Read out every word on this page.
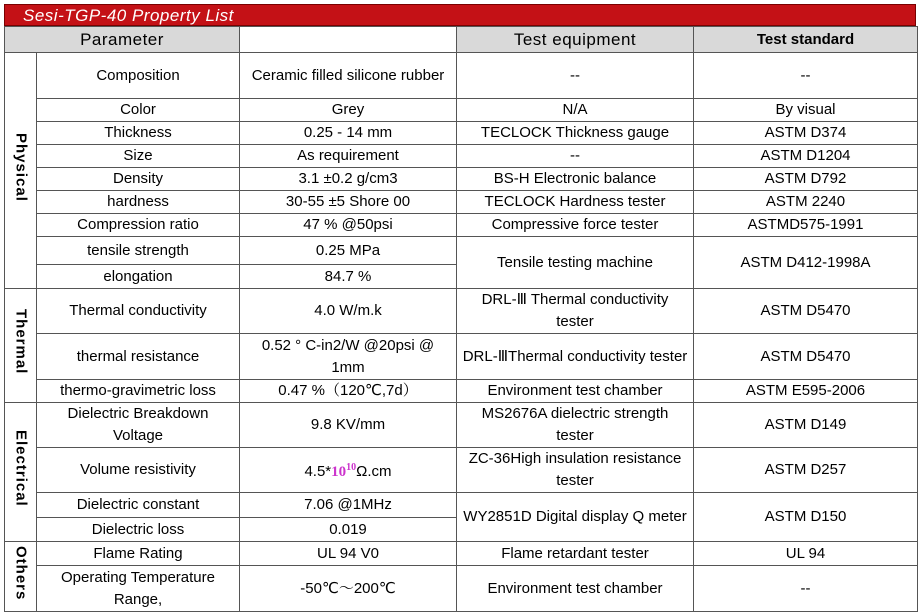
Sesi-TGP-40 Property List
Parameter			Test equipment	Test standard
Physical	Composition	Ceramic filled silicone rubber	--	--
	Color	Grey	N/A	By visual
	Thickness	0.25 - 14 mm	TECLOCK Thickness gauge	ASTM D374
	Size	As requirement	--	ASTM D1204
	Density	3.1 ±0.2 g/cm3	BS-H Electronic balance	ASTM D792
	hardness	30-55 ±5 Shore 00	TECLOCK Hardness tester	ASTM 2240
	Compression ratio	47 % @50psi	Compressive force tester	ASTMD575-1991
	tensile strength	0.25 MPa	Tensile testing machine	ASTM D412-1998A
	elongation	84.7 %		
Thermal	Thermal conductivity	4.0 W/m.k	DRL-Ⅲ Thermal conductivity tester	ASTM D5470
	thermal resistance	0.52 ° C-in2/W @20psi @ 1mm	DRL-ⅢThermal conductivity tester	ASTM D5470
	thermo-gravimetric loss	0.47 %（120℃,7d）	Environment test chamber	ASTM E595-2006
Electrical	Dielectric Breakdown Voltage	9.8 KV/mm	MS2676A dielectric strength tester	ASTM D149
	Volume resistivity	$4.5*10^{10}\Omega.cm$	ZC-36High insulation resistance tester	ASTM D257
	Dielectric constant	7.06 @1MHz	WY2851D Digital display Q meter	ASTM D150
	Dielectric loss	0.019		
Others	Flame Rating	UL 94 V0	Flame retardant tester	UL 94
	Operating Temperature Range,	-50℃～200℃	Environment test chamber	--
